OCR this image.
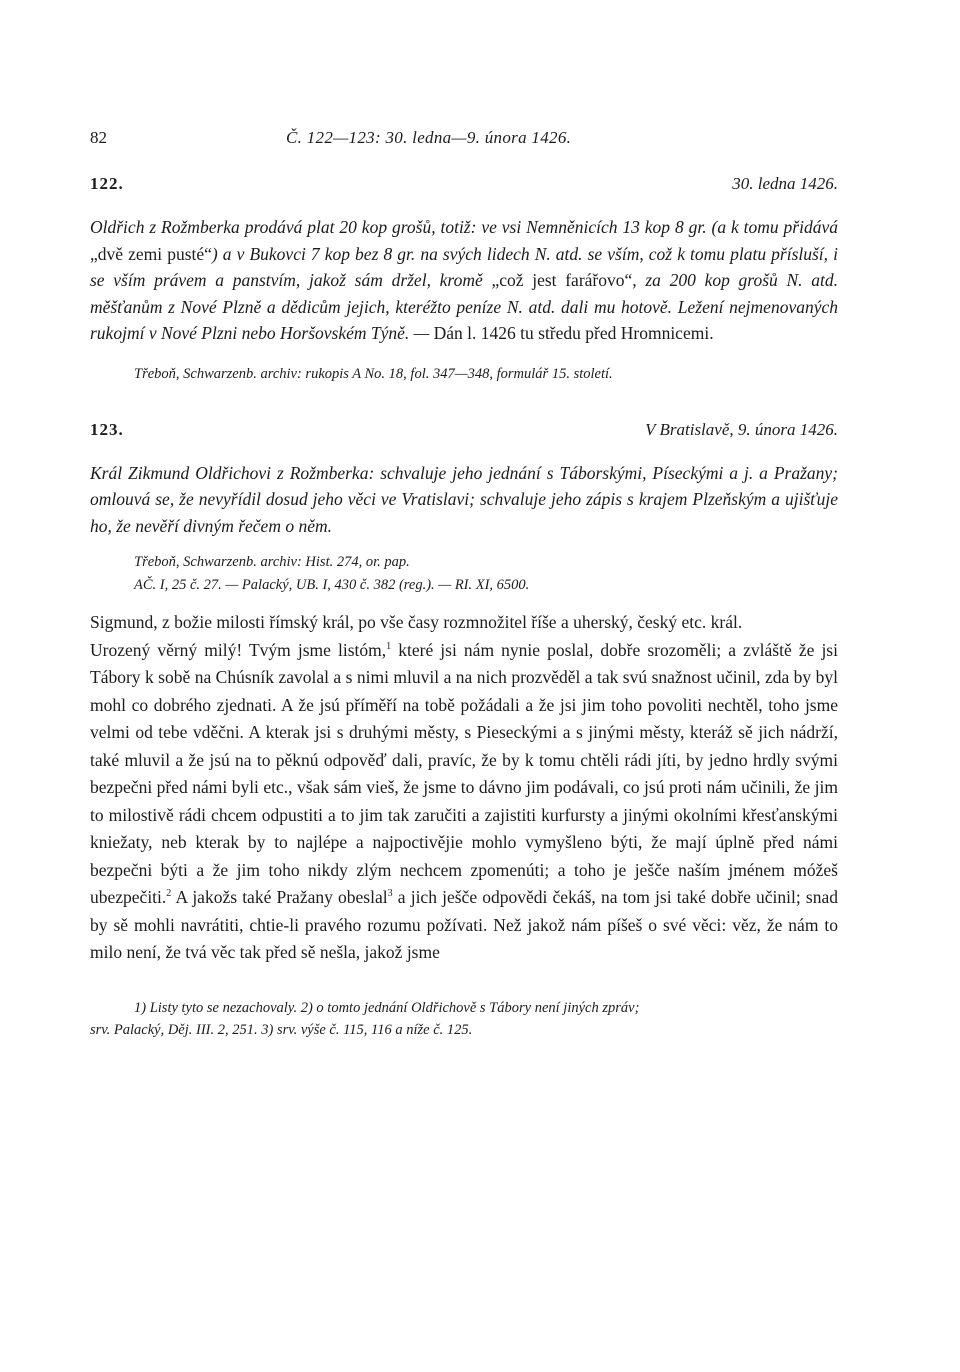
82	Č. 122—123: 30. ledna—9. února 1426.
122.	30. ledna 1426.

Oldřich z Rožmberka prodává plat 20 kop grošů, totiž: ve vsi Nemněnicích 13 kop 8 gr. (a k tomu přidává „dvě zemi pusté“) a v Bukovci 7 kop bez 8 gr. na svých lidech N. atd. se vším, což k tomu platu přísluší, i se vším právem a panstvím, jakož sám držel, kromě „což jest farářovo“, za 200 kop grošů N. atd. měšťanům z Nové Plzně a dědicům jejich, kteréžto peníze N. atd. dali mu hotově. Ležení nejmenovaných rukojmí v Nové Plzni nebo Horšovském Týně. — Dán l. 1426 tu středu před Hromnicemi.

Třeboň, Schwarzenb. archiv: rukopis A No. 18, fol. 347—348, formulář 15. století.

123.	V Bratislavě, 9. února 1426.

Král Zikmund Oldřichovi z Rožmberka: schvaluje jeho jednání s Táborskými, Píseckými a j. a Pražany; omlouvá se, že nevyřídil dosud jeho věci ve Vratislavi; schvaluje jeho zápis s krajem Plzeňským a ujišťuje ho, že nevěří divným řečem o něm.

Třeboň, Schwarzenb. archiv: Hist. 274, or. pap.

AČ. I, 25 č. 27. — Palacký, UB. I, 430 č. 382 (reg.). — RI. XI, 6500.

Sigmund, z božie milosti římský král, po vše časy rozmnožitel říše a uherský, český etc. král.

Urozený věrný milý! Tvým jsme listóm,$^1$ které jsi nám nynie poslal, dobře srozoměli; a zvláště že jsi Tábory k sobě na Chúsník zavolal a s nimi mluvil a na nich prozvěděl a tak svú snažnost učinil, zda by byl mohl co dobrého zjednati. A že jsú příměří na tobě požádali a že jsi jim toho povoliti nechtěl, toho jsme velmi od tebe vděčni. A kterak jsi s druhými městy, s Pieseckými a s jinými městy, kteráž sě jich nádrží, také mluvil a že jsú na to pěknú odpověď dali, pravíc, že by k tomu chtěli rádi jíti, by jedno hrdly svými bezpečni před námi byli etc., však sám vieš, že jsme to dávno jim podávali, co jsú proti nám učinili, že jim to milostivě rádi chcem odpustiti a to jim tak zaručiti a zajistiti kurfursty a jinými okolními křesťanskými kniežaty, neb kterak by to najlépe a najpoctivějie mohlo vymyšleno býti, že mají úplně před námi bezpečni býti a že jim toho nikdy zlým nechcem zpomenúti; a toho je ješče naším jménem móžeš ubezpečiti.$^2$ A jakožs také Pražany obeslal$^3$ a jich ješče odpovědi čekáš, na tom jsi také dobře učinil; snad by sě mohli navrátiti, chtie-li pravého rozumu požívati. Než jakož nám píšeš o své věci: věz, že nám to milo není, že tvá věc tak před sě nešla, jakož jsme

1) Listy tyto se nezachovaly. 2) o tomto jednání Oldřichově s Tábory není jiných zpráv;
srv. Palacký, Děj. III. 2, 251. 3) srv. výše č. 115, 116 a níže č. 125.
